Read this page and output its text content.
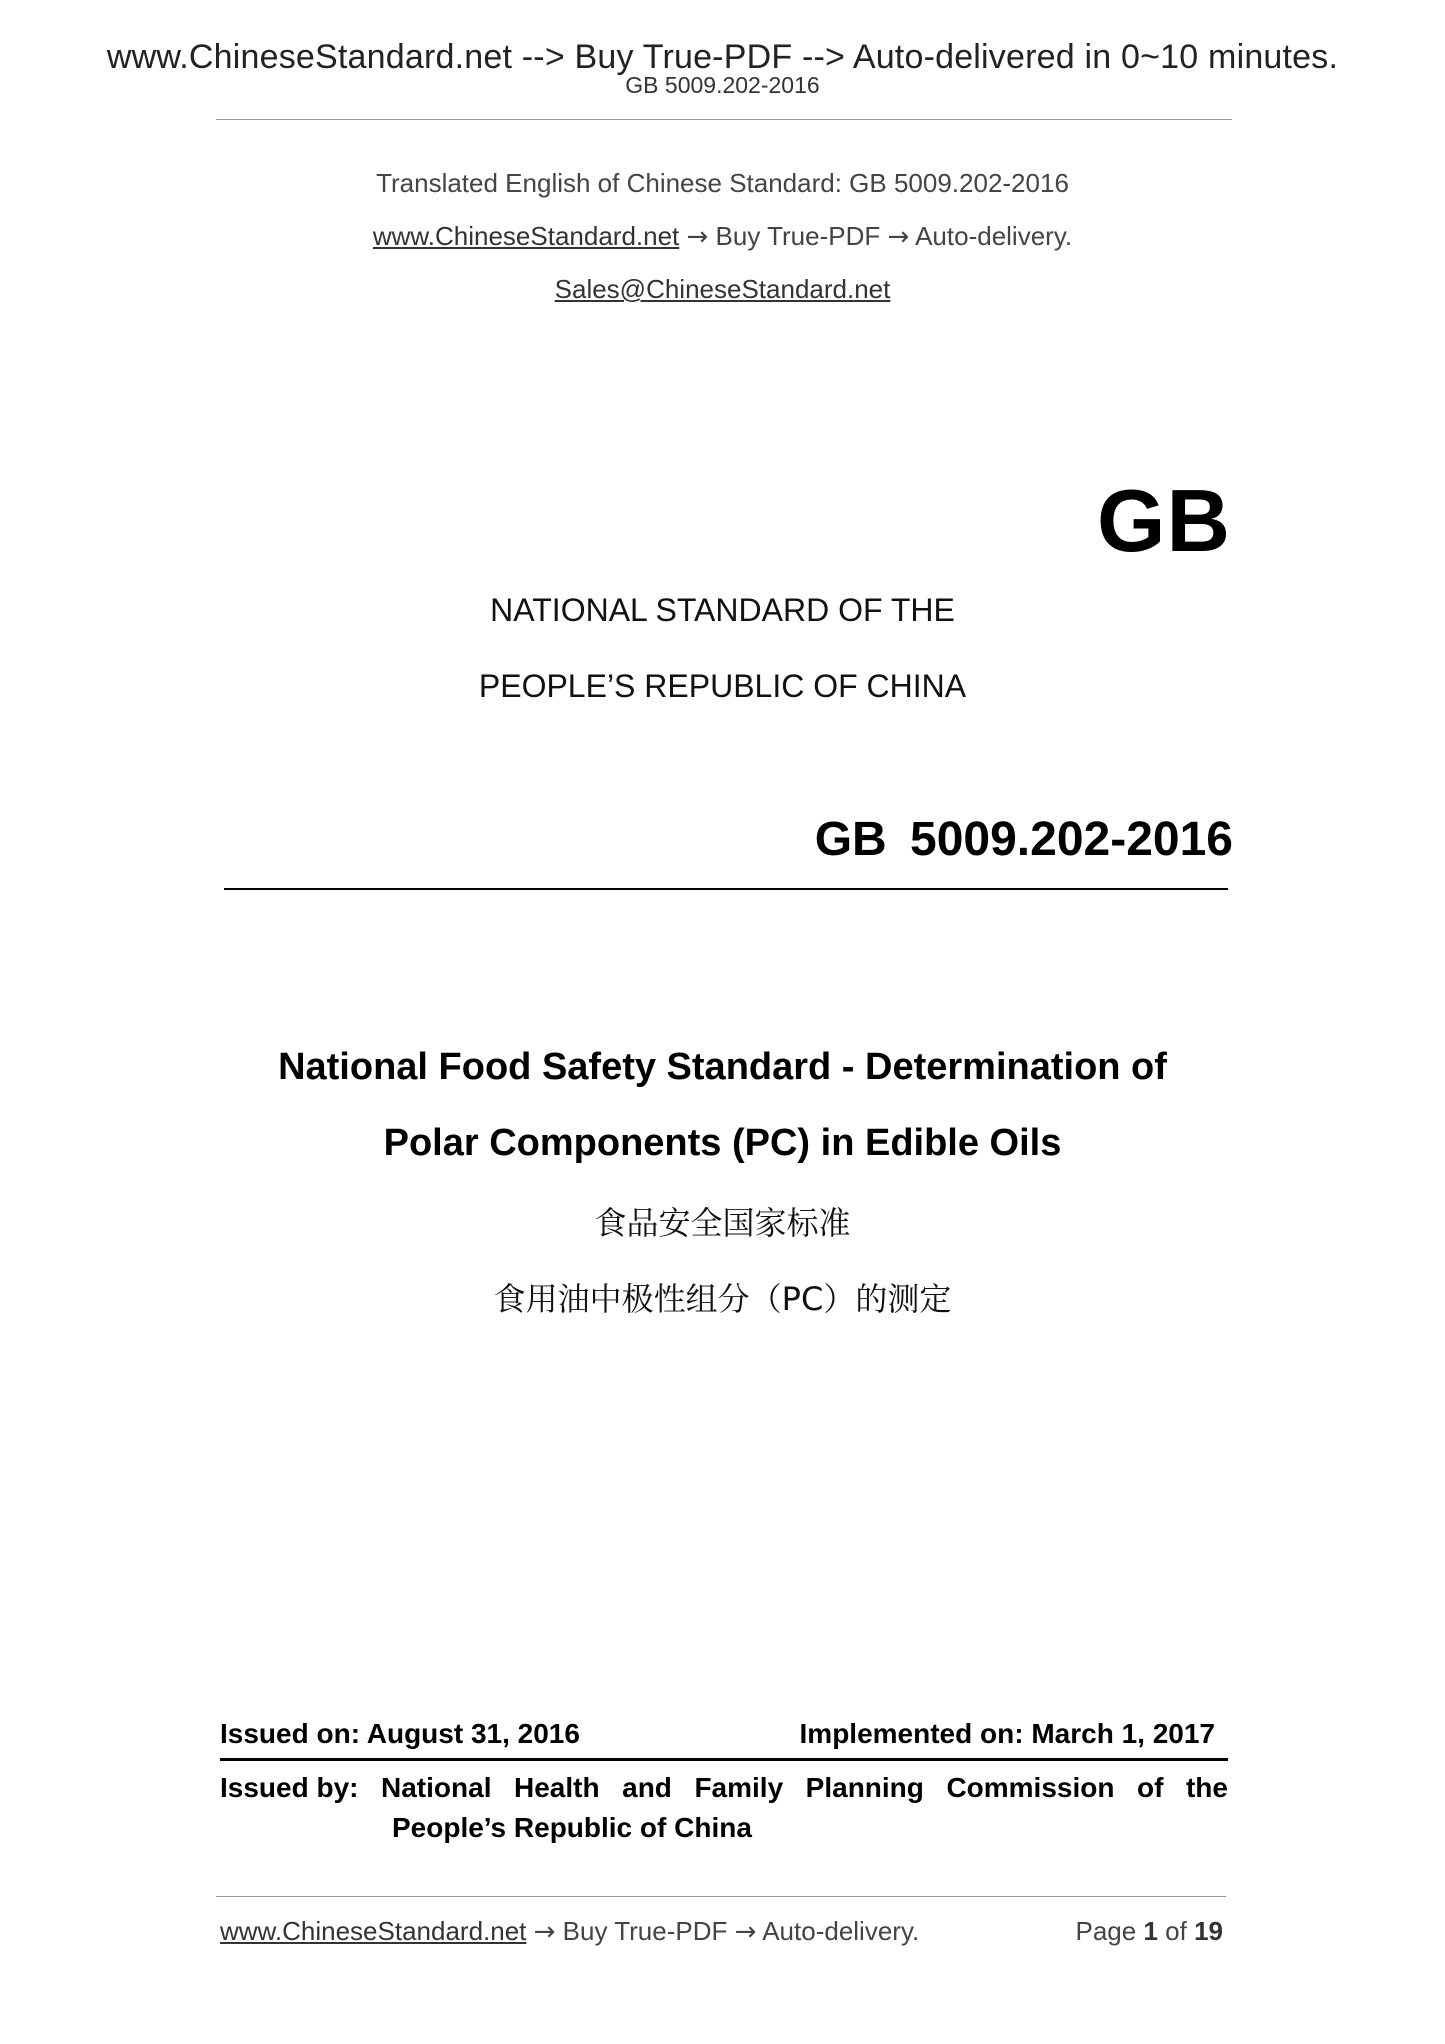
www.ChineseStandard.net --> Buy True-PDF --> Auto-delivered in 0~10 minutes.
GB 5009.202-2016
Translated English of Chinese Standard: GB 5009.202-2016
www.ChineseStandard.net → Buy True-PDF → Auto-delivery.
Sales@ChineseStandard.net
GB
NATIONAL STANDARD OF THE
PEOPLE’S REPUBLIC OF CHINA
GB 5009.202-2016
National Food Safety Standard - Determination of
Polar Components (PC) in Edible Oils
食品安全国家标准
食用油中极性组分（PC）的测定
Issued on: August 31, 2016	Implemented on: March 1, 2017
Issued by: National Health and Family Planning Commission of the
People’s Republic of China
www.ChineseStandard.net → Buy True-PDF → Auto-delivery.	Page 1 of 19
